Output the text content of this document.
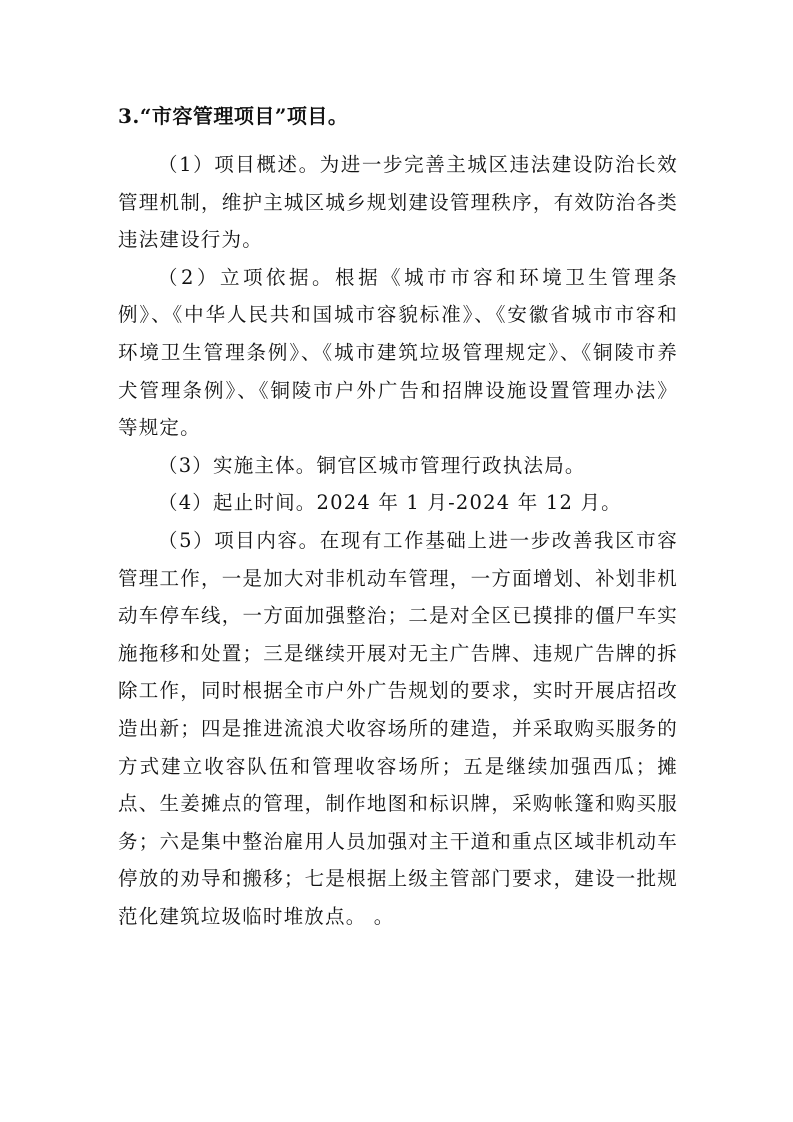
3.“市容管理项目”项目。

（1）项目概述。为进一步完善主城区违法建设防治长效管理机制，维护主城区城乡规划建设管理秩序，有效防治各类违法建设行为。

（2）立项依据。根据《城市市容和环境卫生管理条例》、《中华人民共和国城市容貌标准》、《安徽省城市市容和环境卫生管理条例》、《城市建筑垃圾管理规定》、《铜陵市养犬管理条例》、《铜陵市户外广告和招牌设施设置管理办法》等规定。

（3）实施主体。铜官区城市管理行政执法局。

（4）起止时间。2024 年 1 月-2024 年 12 月。

（5）项目内容。在现有工作基础上进一步改善我区市容管理工作，一是加大对非机动车管理，一方面增划、补划非机动车停车线，一方面加强整治；二是对全区已摸排的僵尸车实施拖移和处置；三是继续开展对无主广告牌、违规广告牌的拆除工作，同时根据全市户外广告规划的要求，实时开展店招改造出新；四是推进流浪犬收容场所的建造，并采取购买服务的方式建立收容队伍和管理收容场所；五是继续加强西瓜；摊点、生姜摊点的管理，制作地图和标识牌，采购帐篷和购买服务；六是集中整治雇用人员加强对主干道和重点区域非机动车停放的劝导和搬移；七是根据上级主管部门要求，建设一批规范化建筑垃圾临时堆放点。 。
